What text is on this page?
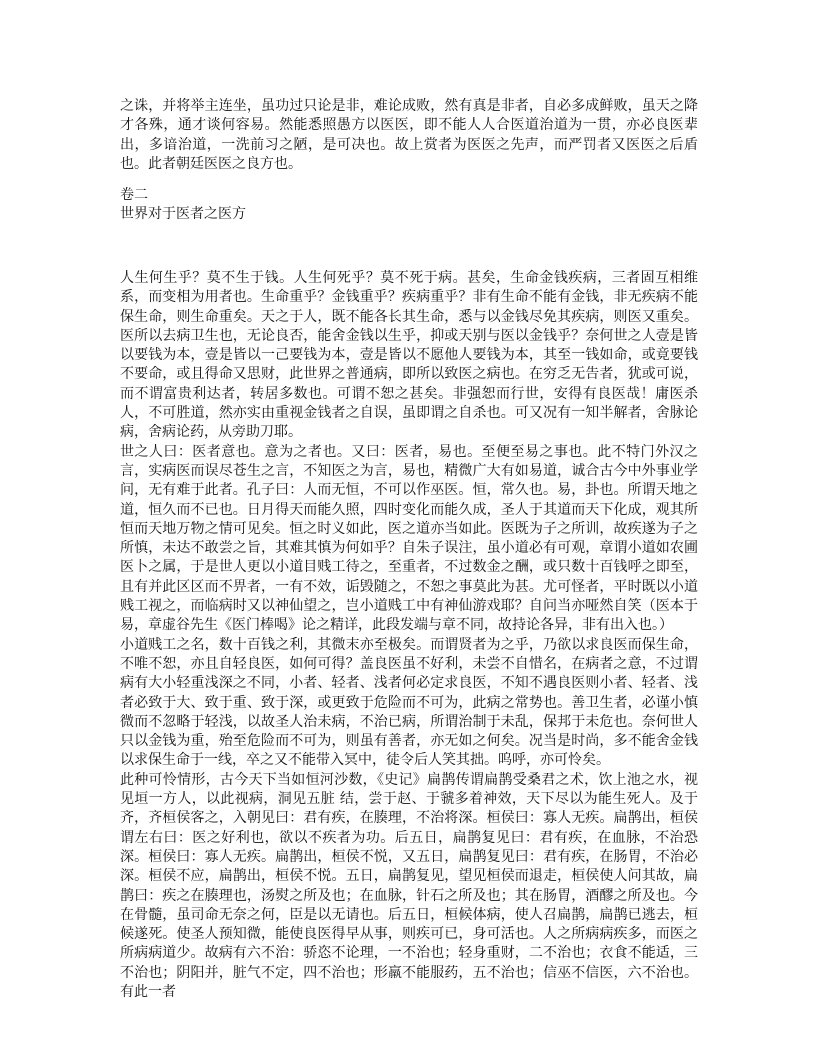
之诛，并将举主连坐，虽功过只论是非，难论成败，然有真是非者，自必多成鲜败，虽天之降才各殊，通才谈何容易。然能悉照愚方以医医，即不能人人合医道治道为一贯，亦必良医辈出，多谙治道，一洗前习之陋，是可决也。故上赏者为医医之先声，而严罚者又医医之后盾也。此者朝廷医医之良方也。

卷二
世界对于医者之医方

人生何生乎？莫不生于钱。人生何死乎？莫不死于病。甚矣，生命金钱疾病，三者固互相维系，而变相为用者也。生命重乎？金钱重乎？疾病重乎？非有生命不能有金钱，非无疾病不能保生命，则生命重矣。天之于人，既不能各长其生命，悉与以金钱尽免其疾病，则医又重矣。医所以去病卫生也，无论良否，能舍金钱以生乎，抑或天别与医以金钱乎？奈何世之人壹是皆以要钱为本，壹是皆以一己要钱为本，壹是皆以不愿他人要钱为本，其至一钱如命，或竟要钱不要命，或且得命又思财，此世界之普通病，即所以致医之病也。在穷乏无告者，犹或可说，而不谓富贵利达者，转居多数也。可谓不恕之甚矣。非强恕而行世，安得有良医哉！庸医杀人，不可胜道，然亦实由重视金钱者之自误，虽即谓之自杀也。可又况有一知半解者，舍脉论病，舍病论药，从旁助刀耶。

世之人曰：医者意也。意为之者也。又曰：医者，易也。至便至易之事也。此不特门外汉之言，实病医而误尽苍生之言，不知医之为言，易也，精微广大有如易道，诚合古今中外事业学问，无有难于此者。孔子曰：人而无恒，不可以作巫医。恒，常久也。易，卦也。所谓天地之道，恒久而不已也。日月得天而能久照，四时变化而能久成，圣人于其道而天下化成，观其所恒而天地万物之情可见矣。恒之时义如此，医之道亦当如此。医既为子之所训，故疾遂为子之所慎，未达不敢尝之旨，其难其慎为何如乎？自朱子误注，虽小道必有可观，章谓小道如农圃医卜之属，于是世人更以小道目贱工待之，至重者，不过数金之酬，或只数十百钱呼之即至，且有并此区区而不畀者，一有不效，诟毁随之，不恕之事莫此为甚。尤可怪者，平时既以小道贱工视之，而临病时又以神仙望之，岂小道贱工中有神仙游戏耶？自问当亦哑然自笑（医本于易，章虚谷先生《医门棒喝》论之精详，此段发端与章不同，故持论各异，非有出入也。）

小道贱工之名，数十百钱之利，其微末亦至极矣。而谓贤者为之乎，乃欲以求良医而保生命，不唯不恕，亦且自轻良医，如何可得？盖良医虽不好利，未尝不自惜名，在病者之意，不过谓病有大小轻重浅深之不同，小者、轻者、浅者何必定求良医，不知不遇良医则小者、轻者、浅者必致于大、致于重、致于深，或更致于危险而不可为，此病之常势也。善卫生者，必谨小慎微而不忽略于轻浅，以故圣人治未病，不治已病，所谓治制于未乱，保邦于未危也。奈何世人只以金钱为重，殆至危险而不可为，则虽有善者，亦无如之何矣。况当是时尚，多不能舍金钱以求保生命于一线，卒之又不能带入冥中，徒令后人笑其拙。呜呼，亦可怜矣。

此种可怜情形，古今天下当如恒河沙数，《史记》扁鹊传谓扁鹊受桑君之术，饮上池之水，视见垣一方人，以此视病，洞见五脏 结，尝于赵、于虢多着神效，天下尽以为能生死人。及于齐，齐桓侯客之，入朝见曰：君有疾，在腠理，不治将深。桓侯曰：寡人无疾。扁鹊出，桓侯谓左右曰：医之好利也，欲以不疾者为功。后五日，扁鹊复见曰：君有疾，在血脉，不治恐深。桓侯曰：寡人无疾。扁鹊出，桓侯不悦，又五日，扁鹊复见曰：君有疾，在肠胃，不治必深。桓侯不应，扁鹊出，桓侯不悦。五日，扁鹊复见，望见桓侯而退走，桓侯使人问其故，扁鹊曰：疾之在腠理也，汤熨之所及也；在血脉，针石之所及也；其在肠胃，酒醪之所及也。今在骨髓，虽司命无奈之何，臣是以无请也。后五日，桓候体病，使人召扁鹊，扁鹊已逃去，桓候遂死。使圣人预知微，能使良医得早从事，则疾可已，身可活也。人之所病病疾多，而医之所病病道少。故病有六不治：骄恣不论理，一不治也；轻身重财，二不治也；衣食不能适，三不治也；阴阳并，脏气不定，四不治也；形羸不能服药，五不治也；信巫不信医，六不治也。有此一者
